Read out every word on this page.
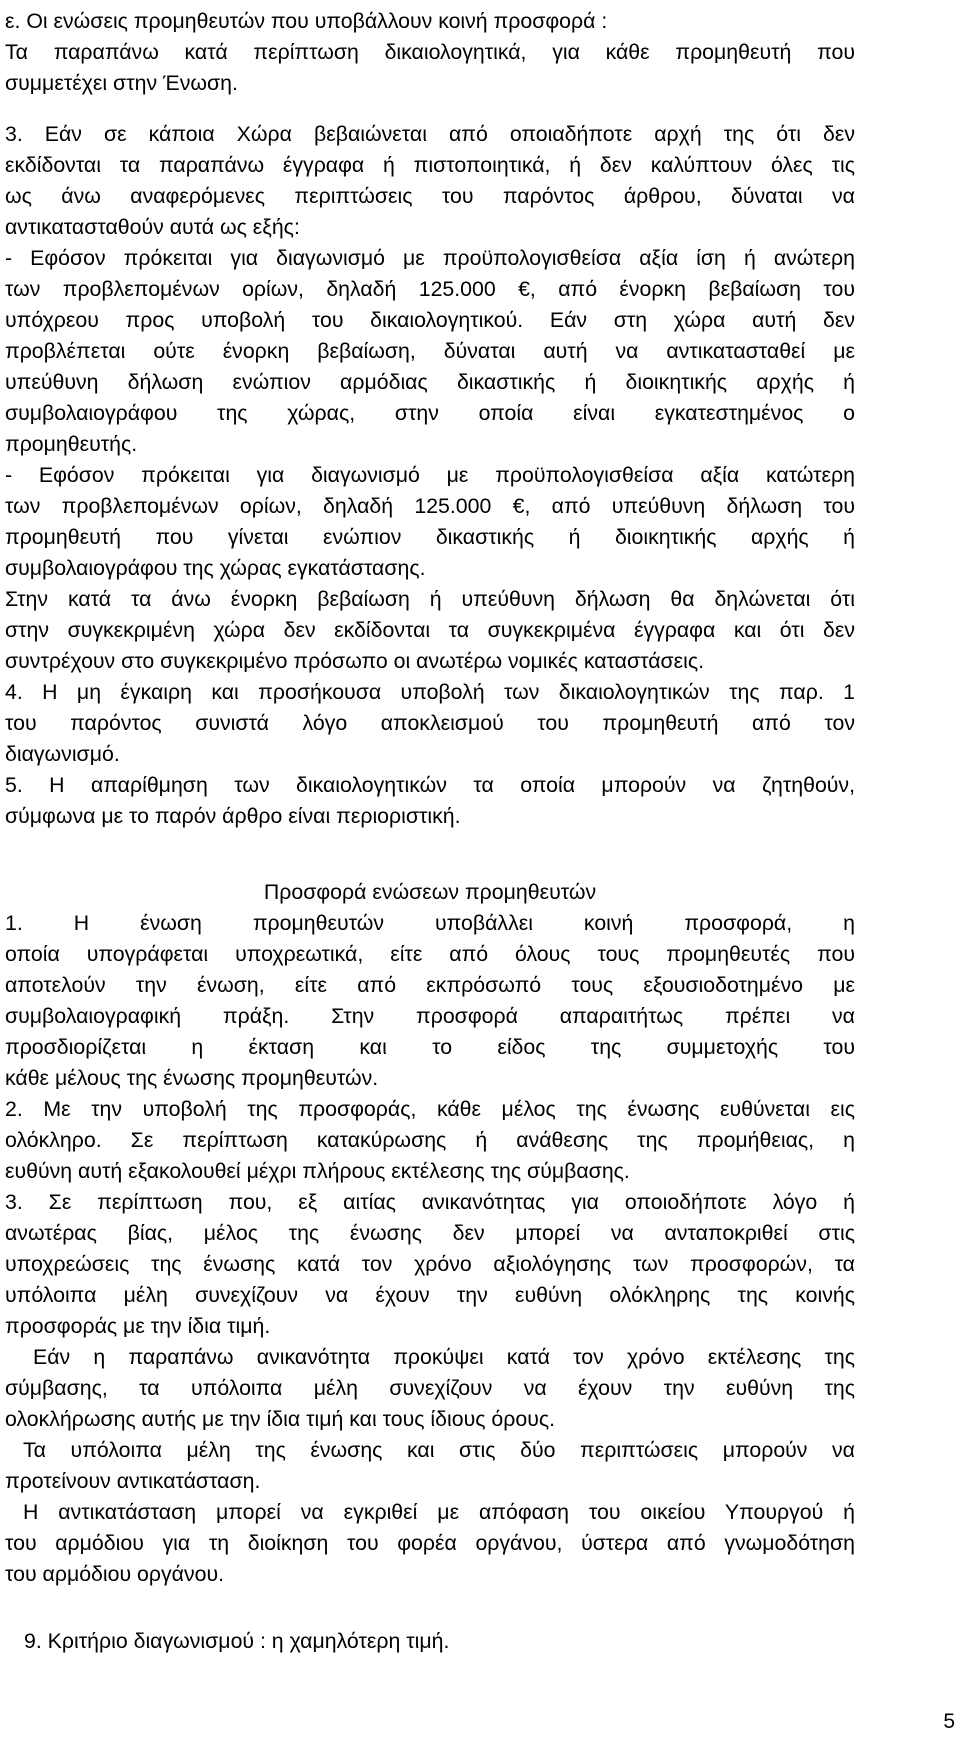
ε. Οι ενώσεις προμηθευτών που υποβάλλουν κοινή προσφορά :
Τα παραπάνω κατά περίπτωση δικαιολογητικά, για κάθε προμηθευτή που
συμμετέχει στην Ένωση.
3. Εάν σε κάποια Χώρα βεβαιώνεται από οποιαδήποτε αρχή της ότι δεν
εκδίδονται τα παραπάνω έγγραφα ή πιστοποιητικά, ή δεν καλύπτουν όλες τις
ως άνω αναφερόμενες περιπτώσεις του παρόντος άρθρου, δύναται να
αντικατασταθούν αυτά ως εξής:
- Εφόσον πρόκειται για διαγωνισμό με προϋπολογισθείσα αξία ίση ή ανώτερη
των προβλεπομένων ορίων, δηλαδή 125.000 €, από ένορκη βεβαίωση του
υπόχρεου προς υποβολή του δικαιολογητικού. Εάν στη χώρα αυτή δεν
προβλέπεται ούτε ένορκη βεβαίωση, δύναται αυτή να αντικατασταθεί με
υπεύθυνη δήλωση ενώπιον αρμόδιας δικαστικής ή διοικητικής αρχής ή
συμβολαιογράφου της χώρας, στην οποία είναι εγκατεστημένος ο
προμηθευτής.
- Εφόσον πρόκειται για διαγωνισμό με προϋπολογισθείσα αξία κατώτερη
των προβλεπομένων ορίων, δηλαδή 125.000 €, από υπεύθυνη δήλωση του
προμηθευτή που γίνεται ενώπιον δικαστικής ή διοικητικής αρχής ή
συμβολαιογράφου της χώρας εγκατάστασης.
Στην κατά τα άνω ένορκη βεβαίωση ή υπεύθυνη δήλωση θα δηλώνεται ότι
στην συγκεκριμένη χώρα δεν εκδίδονται τα συγκεκριμένα έγγραφα και ότι δεν
συντρέχουν στο συγκεκριμένο πρόσωπο οι ανωτέρω νομικές καταστάσεις.
4. Η μη έγκαιρη και προσήκουσα υποβολή των δικαιολογητικών της παρ. 1
του παρόντος συνιστά λόγο αποκλεισμού του προμηθευτή από τον
διαγωνισμό.
5. Η απαρίθμηση των δικαιολογητικών τα οποία μπορούν να ζητηθούν,
σύμφωνα με το παρόν άρθρο είναι περιοριστική.
Προσφορά ενώσεων προμηθευτών
1. Η ένωση προμηθευτών υποβάλλει κοινή προσφορά, η
οποία υπογράφεται υποχρεωτικά, είτε από όλους τους προμηθευτές που
αποτελούν την ένωση, είτε από εκπρόσωπό τους εξουσιοδοτημένο με
συμβολαιογραφική πράξη. Στην προσφορά απαραιτήτως πρέπει να
προσδιορίζεται η έκταση και το είδος της συμμετοχής του
κάθε μέλους της ένωσης προμηθευτών.
2. Με την υποβολή της προσφοράς, κάθε μέλος της ένωσης ευθύνεται εις
ολόκληρο. Σε περίπτωση κατακύρωσης ή ανάθεσης της προμήθειας, η
ευθύνη αυτή εξακολουθεί μέχρι πλήρους εκτέλεσης της σύμβασης.
3. Σε περίπτωση που, εξ αιτίας ανικανότητας για οποιοδήποτε λόγο ή
ανωτέρας βίας, μέλος της ένωσης δεν μπορεί να ανταποκριθεί στις
υποχρεώσεις της ένωσης κατά τον χρόνο αξιολόγησης των προσφορών, τα
υπόλοιπα μέλη συνεχίζουν να έχουν την ευθύνη ολόκληρης της κοινής
προσφοράς με την ίδια τιμή.
Εάν η παραπάνω ανικανότητα προκύψει κατά τον χρόνο εκτέλεσης της
σύμβασης, τα υπόλοιπα μέλη συνεχίζουν να έχουν την ευθύνη της
ολοκλήρωσης αυτής με την ίδια τιμή και τους ίδιους όρους.
Τα υπόλοιπα μέλη της ένωσης και στις δύο περιπτώσεις μπορούν να
προτείνουν αντικατάσταση.
Η αντικατάσταση μπορεί να εγκριθεί με απόφαση του οικείου Υπουργού ή
του αρμόδιου για τη διοίκηση του φορέα οργάνου, ύστερα από γνωμοδότηση
του αρμόδιου οργάνου.
9. Κριτήριο διαγωνισμού : η χαμηλότερη τιμή.
5
